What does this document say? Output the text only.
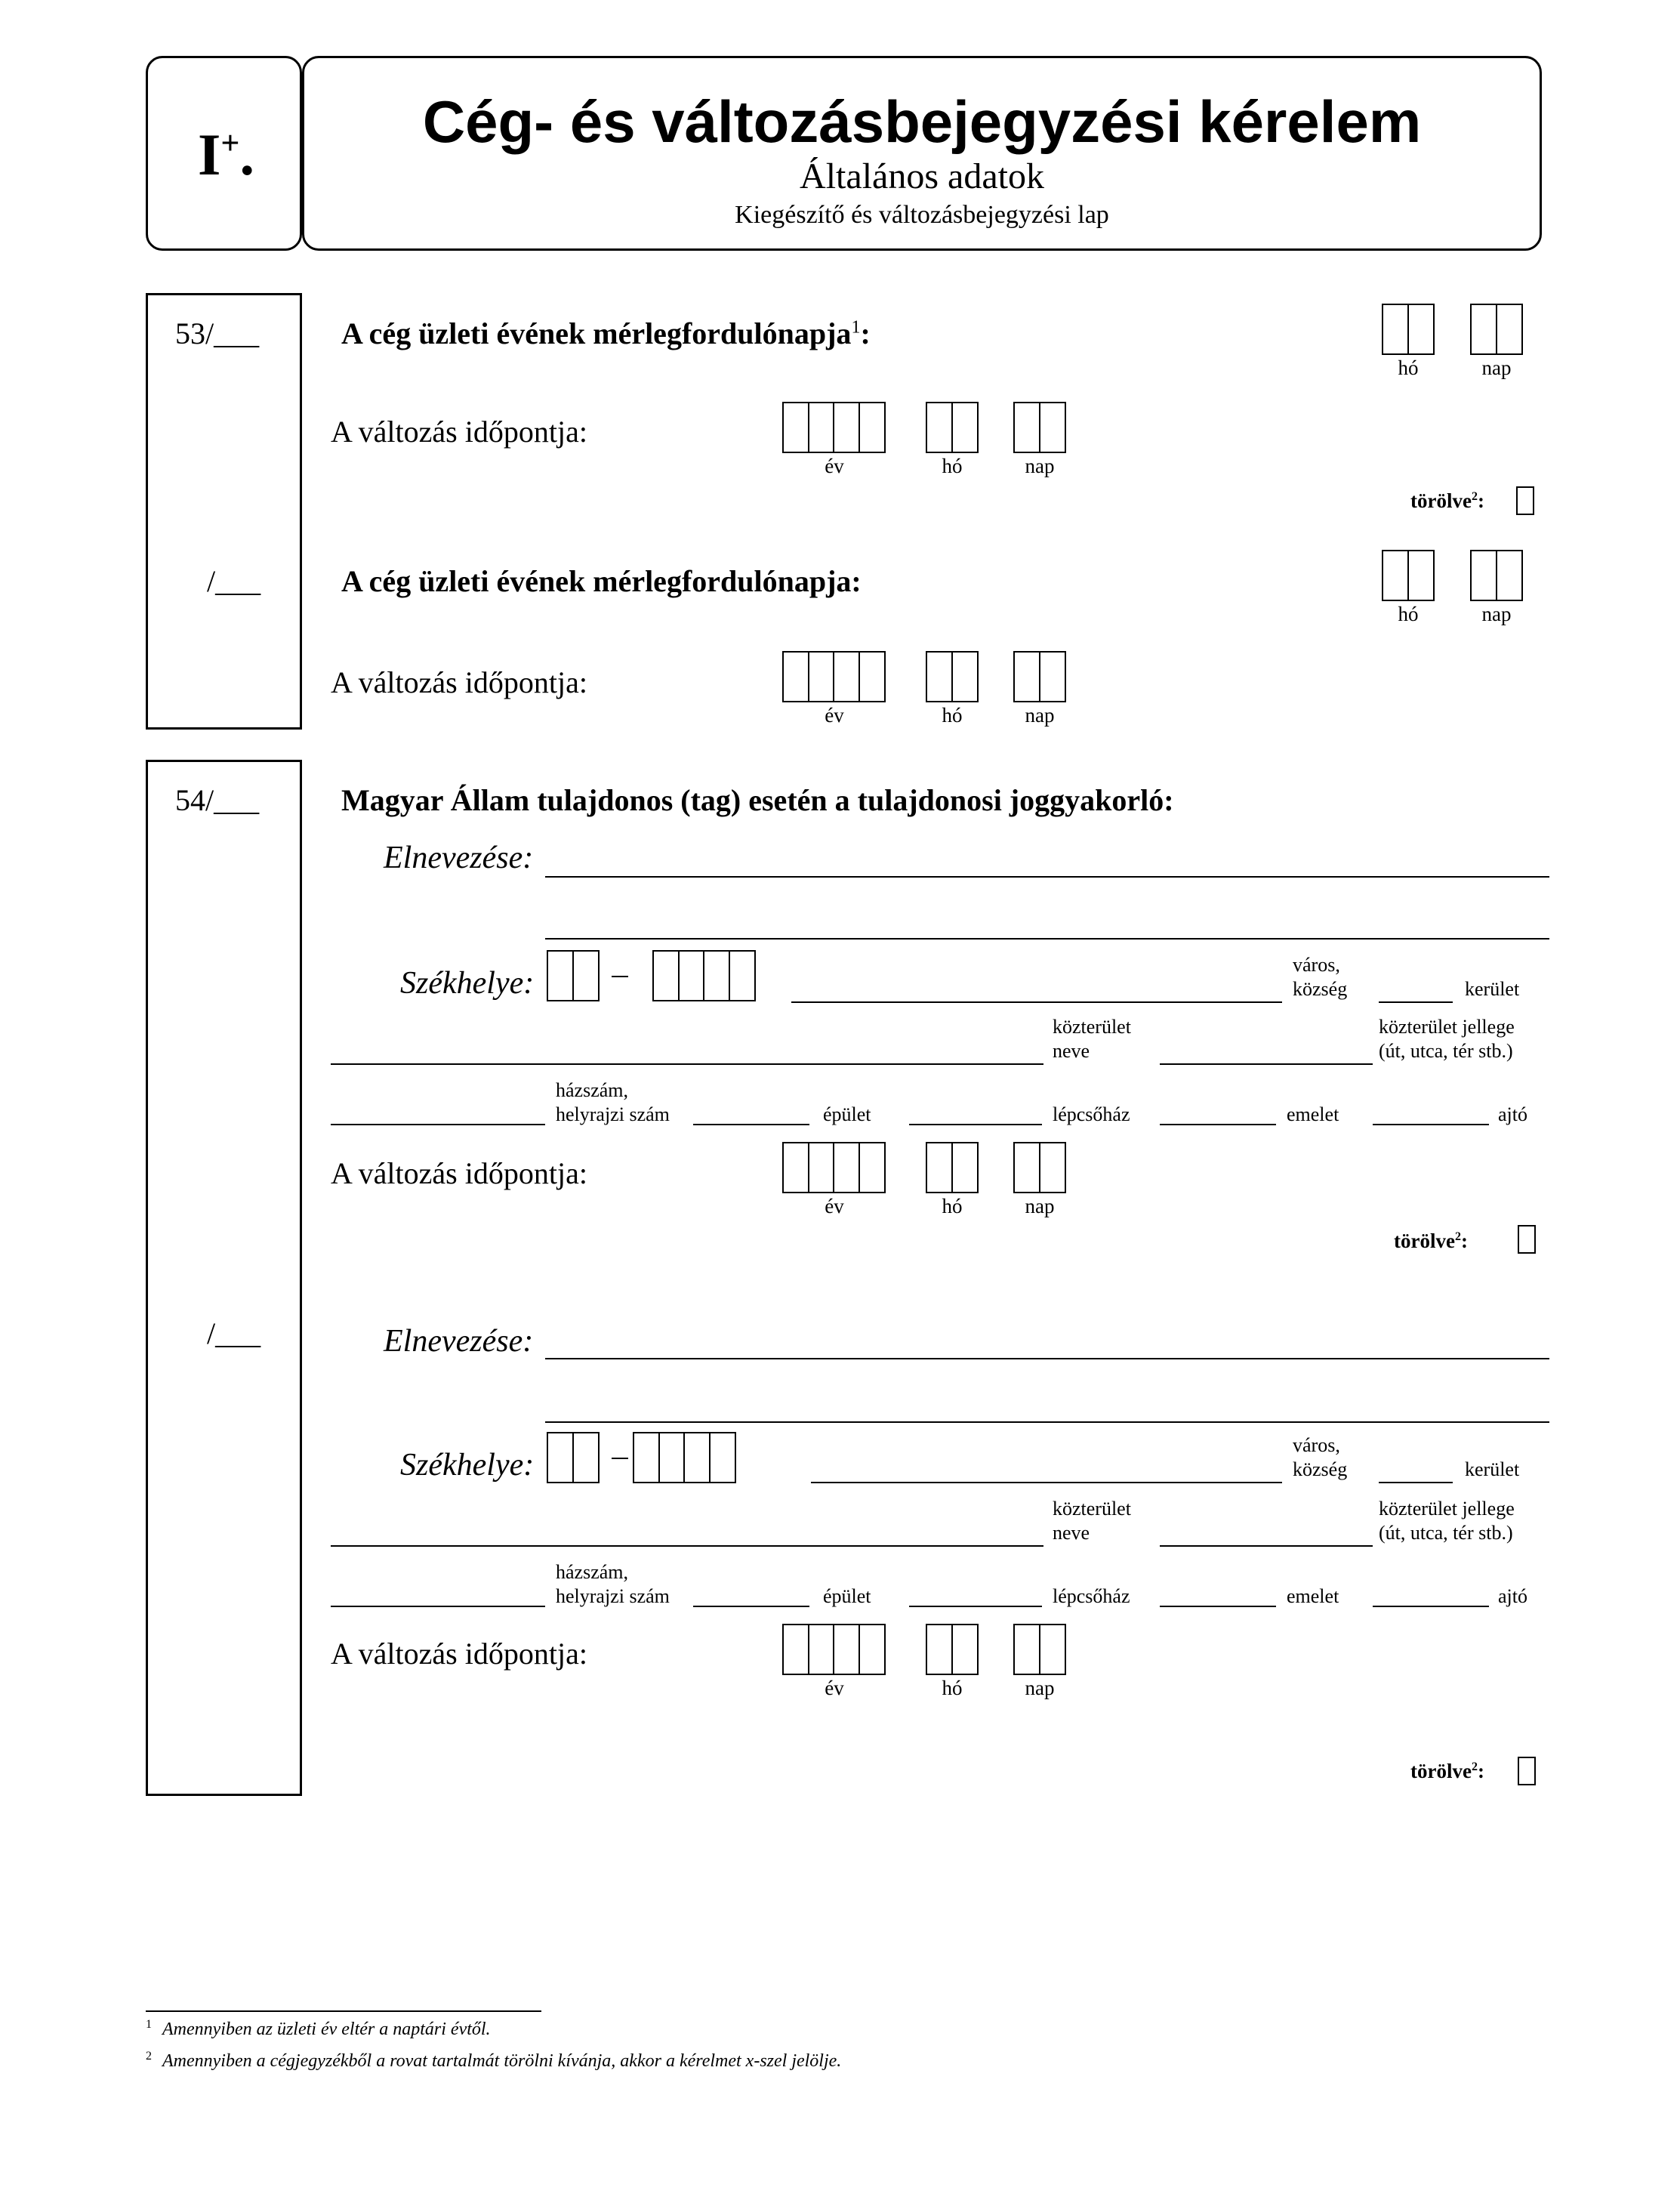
I+.	Cég- és változásbejegyzési kérelem
Általános adatok
Kiegészítő és változásbejegyzési lap
53/___
/___
A cég üzleti évének mérlegfordulónapja$^1$:
hó	nap
A változás időpontja:
év	hó	nap
törölve$^2$:
A cég üzleti évének mérlegfordulónapja:
hó	nap
A változás időpontja:
év	hó	nap
54/___
/___
Magyar Állam tulajdonos (tag) esetén a tulajdonosi joggyakorló:
Elnevezése:
Székhelye:
város,
község	kerület
közterület
neve
közterület jellege
(út, utca, tér stb.)
házszám,
helyrajzi szám	épület	lépcsőház	emelet	ajtó
A változás időpontja:
év	hó	nap
törölve$^2$:
Elnevezése:
Székhelye:
város,
község	kerület
közterület
neve
közterület jellege
(út, utca, tér stb.)
házszám,
helyrajzi szám	épület	lépcsőház	emelet	ajtó
A változás időpontja:
év	hó	nap
törölve$^2$:
$^1$ Amennyiben az üzleti év eltér a naptári évtől.
$^2$ Amennyiben a cégjegyzékből a rovat tartalmát törölni kívánja, akkor a kérelmet x-szel jelölje.
